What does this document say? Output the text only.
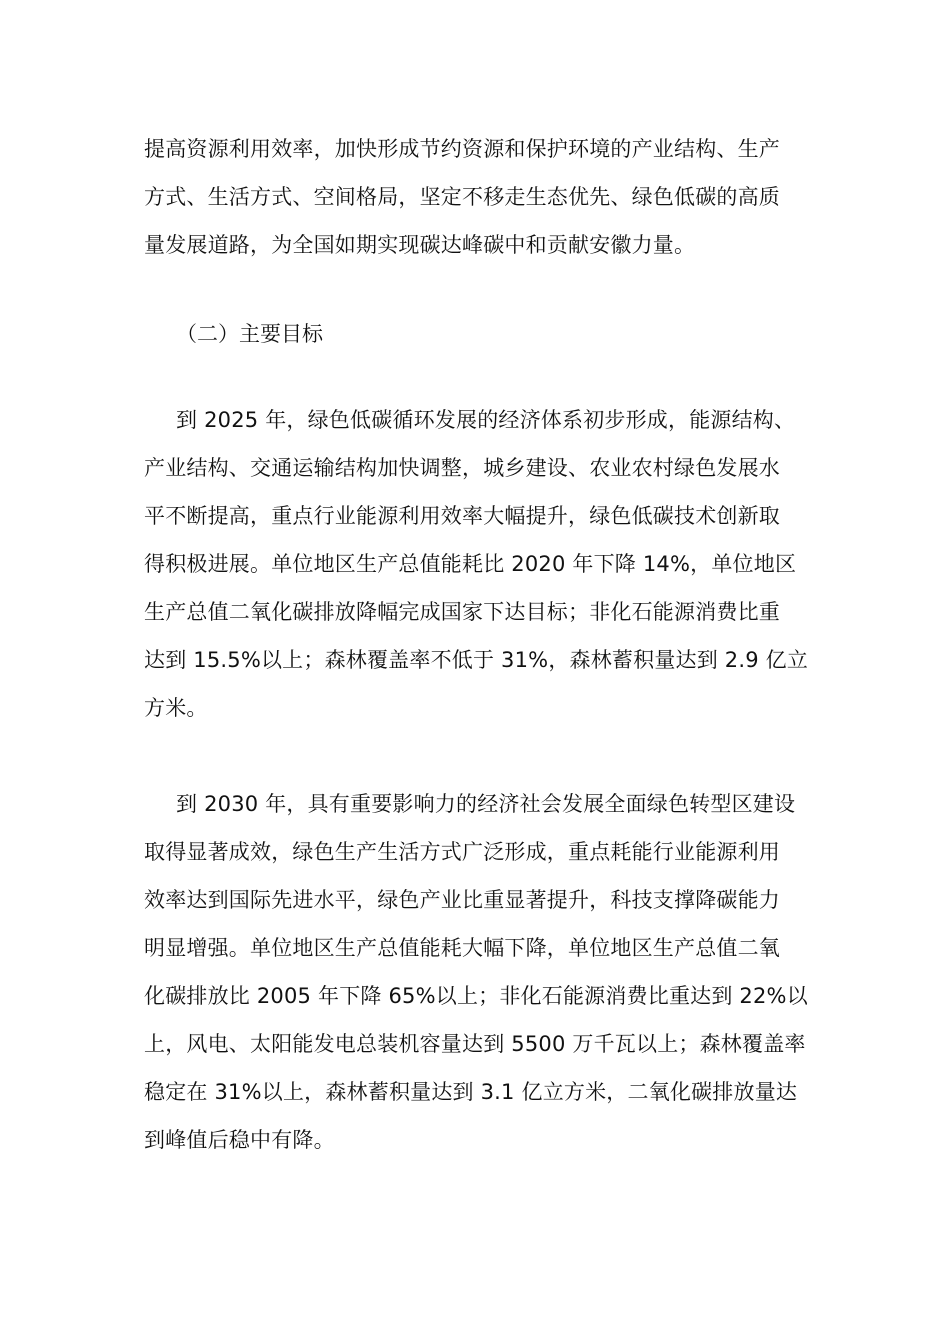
提高资源利用效率，加快形成节约资源和保护环境的产业结构、生产
方式、生活方式、空间格局，坚定不移走生态优先、绿色低碳的高质
量发展道路，为全国如期实现碳达峰碳中和贡献安徽力量。
（二）主要目标
到 2025 年，绿色低碳循环发展的经济体系初步形成，能源结构、
产业结构、交通运输结构加快调整，城乡建设、农业农村绿色发展水
平不断提高，重点行业能源利用效率大幅提升，绿色低碳技术创新取
得积极进展。单位地区生产总值能耗比 2020 年下降 14%，单位地区
生产总值二氧化碳排放降幅完成国家下达目标；非化石能源消费比重
达到 15.5%以上；森林覆盖率不低于 31%，森林蓄积量达到 2.9 亿立
方米。
到 2030 年，具有重要影响力的经济社会发展全面绿色转型区建设
取得显著成效，绿色生产生活方式广泛形成，重点耗能行业能源利用
效率达到国际先进水平，绿色产业比重显著提升，科技支撑降碳能力
明显增强。单位地区生产总值能耗大幅下降，单位地区生产总值二氧
化碳排放比 2005 年下降 65%以上；非化石能源消费比重达到 22%以
上，风电、太阳能发电总装机容量达到 5500 万千瓦以上；森林覆盖率
稳定在 31%以上，森林蓄积量达到 3.1 亿立方米，二氧化碳排放量达
到峰值后稳中有降。
